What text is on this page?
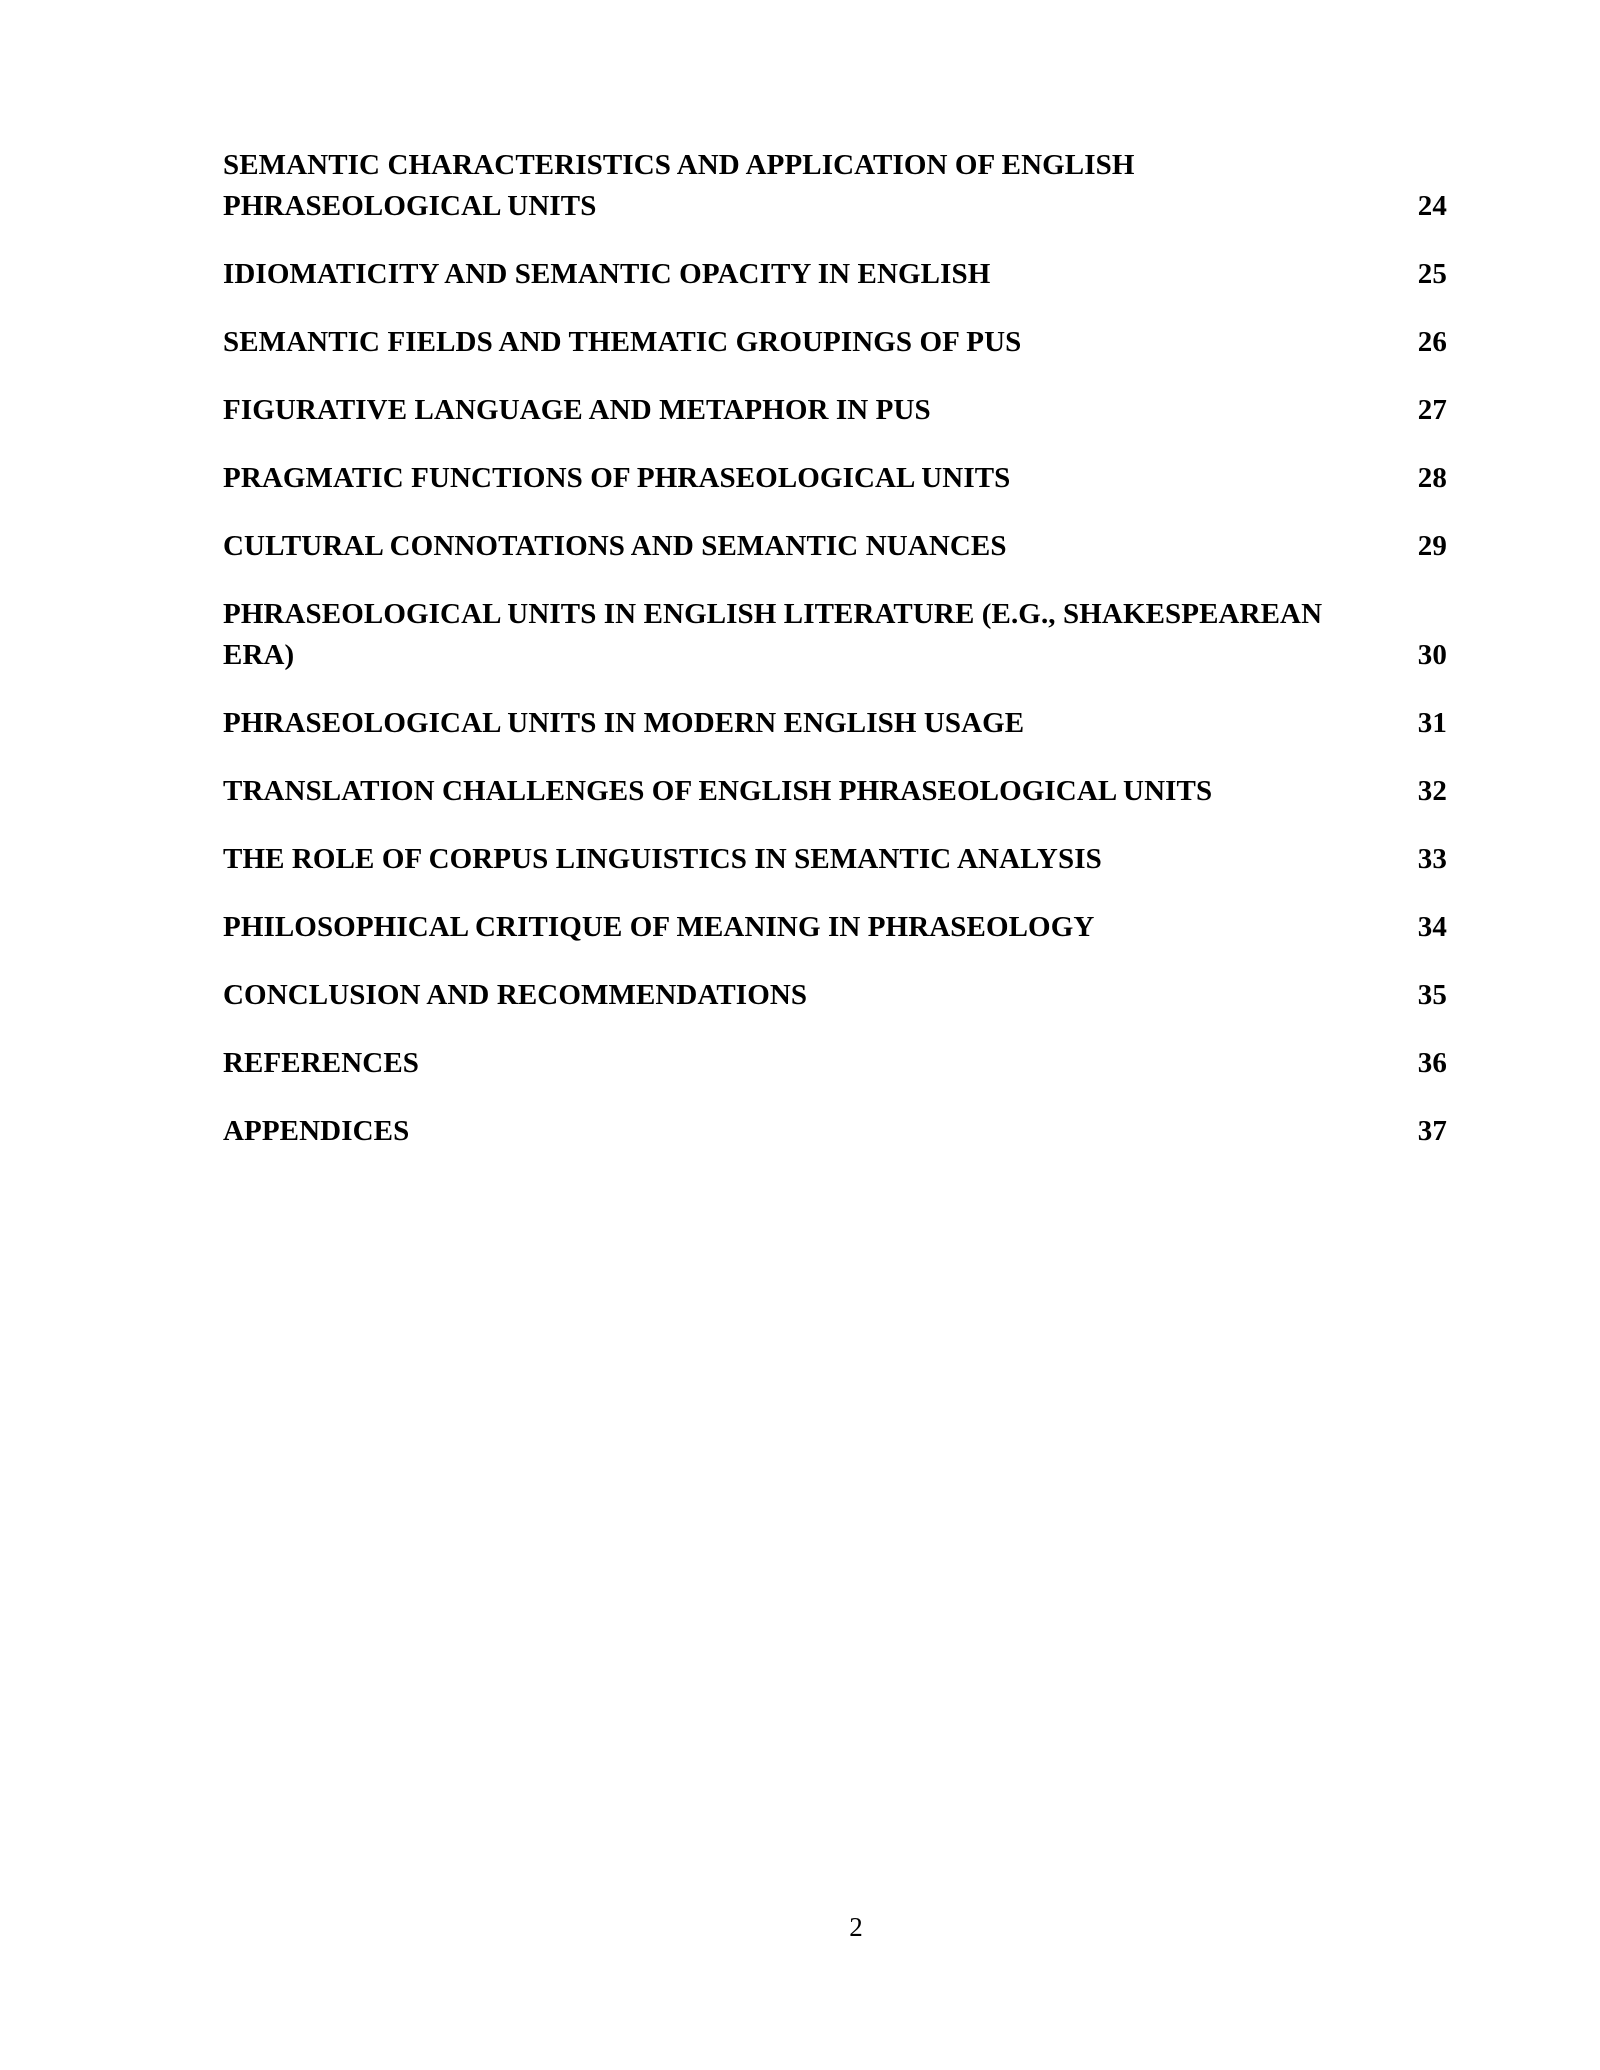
SEMANTIC CHARACTERISTICS AND APPLICATION OF ENGLISH
PHRASEOLOGICAL UNITS	24
IDIOMATICITY AND SEMANTIC OPACITY IN ENGLISH	25
SEMANTIC FIELDS AND THEMATIC GROUPINGS OF PUS	26
FIGURATIVE LANGUAGE AND METAPHOR IN PUS	27
PRAGMATIC FUNCTIONS OF PHRASEOLOGICAL UNITS	28
CULTURAL CONNOTATIONS AND SEMANTIC NUANCES	29
PHRASEOLOGICAL UNITS IN ENGLISH LITERATURE (E.G., SHAKESPEAREAN
ERA)	30
PHRASEOLOGICAL UNITS IN MODERN ENGLISH USAGE	31
TRANSLATION CHALLENGES OF ENGLISH PHRASEOLOGICAL UNITS	32
THE ROLE OF CORPUS LINGUISTICS IN SEMANTIC ANALYSIS	33
PHILOSOPHICAL CRITIQUE OF MEANING IN PHRASEOLOGY	34
CONCLUSION AND RECOMMENDATIONS	35
REFERENCES	36
APPENDICES	37
2
